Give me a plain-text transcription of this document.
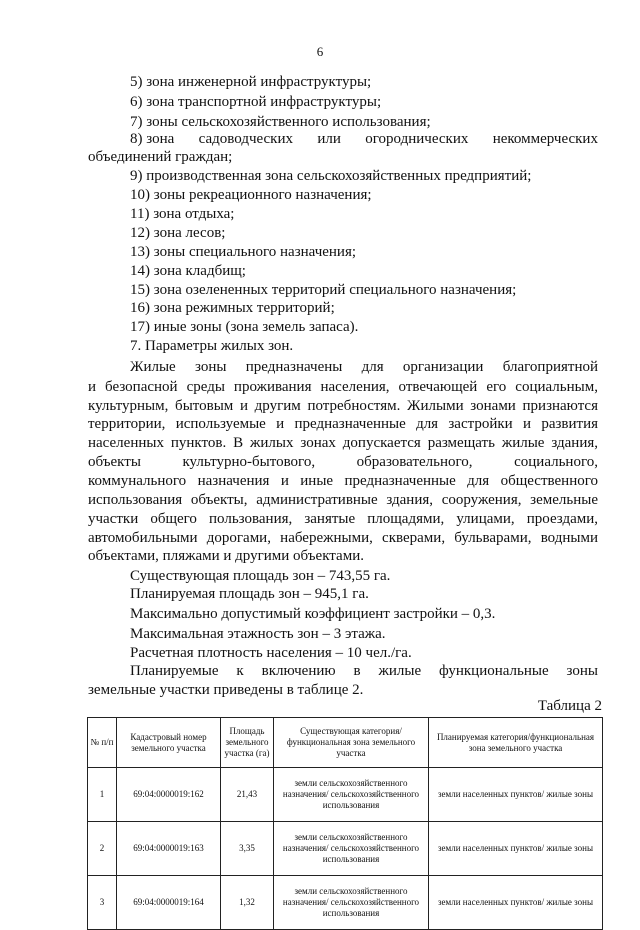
6
5) зона инженерной инфраструктуры;
6) зона транспортной инфраструктуры;
7) зоны сельскохозяйственного использования;
8) зона садоводческих или огороднических некоммерческих
объединений граждан;
9) производственная зона сельскохозяйственных предприятий;
10) зоны рекреационного назначения;
11) зона отдыха;
12) зона лесов;
13) зоны специального назначения;
14) зона кладбищ;
15) зона озелененных территорий специального назначения;
16) зона режимных территорий;
17) иные зоны (зона земель запаса).
7. Параметры жилых зон.
Жилые зоны предназначены для организации благоприятной
и безопасной среды проживания населения, отвечающей его социальным,
культурным, бытовым и другим потребностям. Жилыми зонами признаются
территории, используемые и предназначенные для застройки и развития
населенных пунктов. В жилых зонах допускается размещать жилые здания,
объекты культурно-бытового, образовательного, социального,
коммунального назначения и иные предназначенные для общественного
использования объекты, административные здания, сооружения, земельные
участки общего пользования, занятые площадями, улицами, проездами,
автомобильными дорогами, набережными, скверами, бульварами, водными
объектами, пляжами и другими объектами.
Существующая площадь зон – 743,55 га.
Планируемая площадь зон – 945,1 га.
Максимально допустимый коэффициент застройки – 0,3.
Максимальная этажность зон – 3 этажа.
Расчетная плотность населения – 10 чел./га.
Планируемые к включению в жилые функциональные зоны
земельные участки приведены в таблице 2.
Таблица 2
№ п/п	Кадастровый номер земельного участка	Площадь земельного участка (га)	Существующая категория/функциональная зона земельного участка	Планируемая категория/функциональная зона земельного участка
1	69:04:0000019:162	21,43	земли сельскохозяйственного назначения/ сельскохозяйственного использования	земли населенных пунктов/ жилые зоны
2	69:04:0000019:163	3,35	земли сельскохозяйственного назначения/ сельскохозяйственного использования	земли населенных пунктов/ жилые зоны
3	69:04:0000019:164	1,32	земли сельскохозяйственного назначения/ сельскохозяйственного использования	земли населенных пунктов/ жилые зоны
